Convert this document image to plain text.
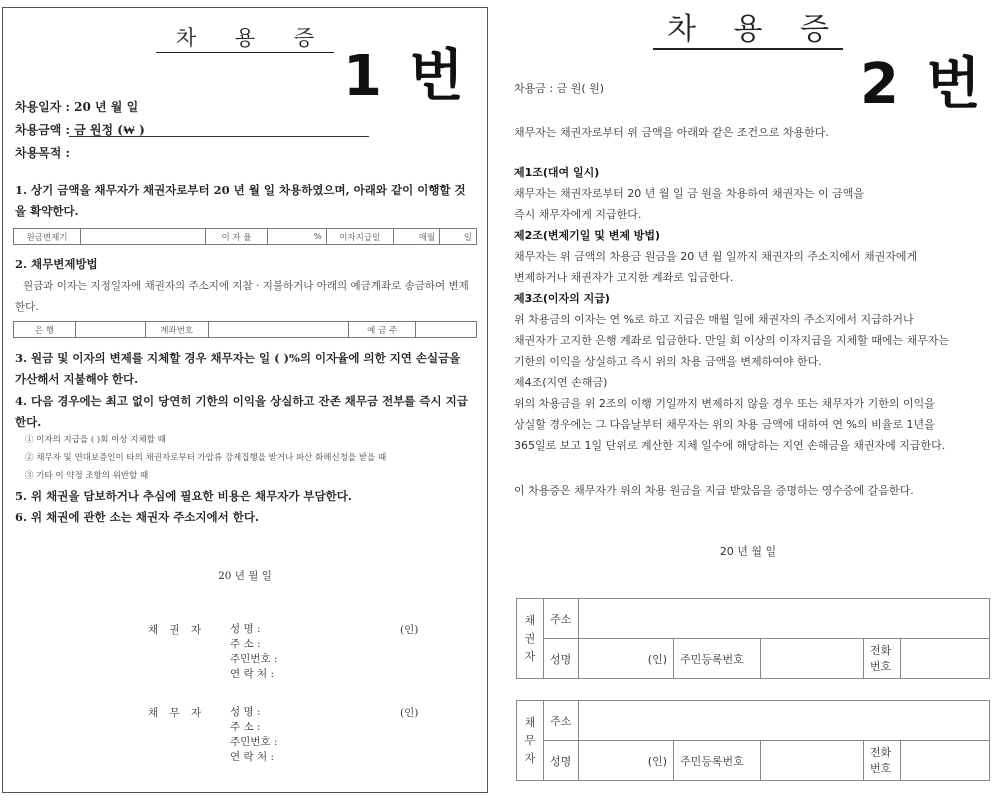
차 용 증
1 번
차용일자 : 20 년 월 일
차용금액 : 금 원정 (₩ )
차용목적 :
1. 상기 금액을 채무자가 채권자로부터 20 년 월 일 차용하였으며, 아래와 같이 이행할 것을 확약한다.
원금변제기		이 자 율	%	이자지급일	매월	일
2. 채무변제방법
원금과 이자는 지정일자에 채권자의 주소지에 지참 · 지불하거나 아래의 예금계좌로 송금하여 변제한다.
은 행		계좌번호		예 금 주	
3. 원금 및 이자의 변제를 지체할 경우 채무자는 일 ( )%의 이자율에 의한 지연 손실금을 가산해서 지불해야 한다.
4. 다음 경우에는 최고 없이 당연히 기한의 이익을 상실하고 잔존 채무금 전부를 즉시 지급한다.
① 이자의 지급을 ( )회 이상 지체할 때
② 채무자 및 연대보증인이 타의 채권자로부터 가압류 강제집행을 받거나 파산 화해신청을 받을 때
③ 기타 이 약정 조항의 위반할 때
5. 위 채권을 담보하거나 추심에 필요한 비용은 채무자가 부담한다.
6. 위 채권에 관한 소는 채권자 주소지에서 한다.
20 년 월 일
채 권 자 성 명 :
주 소 :
주민번호 :
연 락 처 :
(인)
채 무 자 성 명 :
주 소 :
주민번호 :
연 락 처 :
(인)
차 용 증
2 번
차용금 : 금 원( 원)
채무자는 채권자로부터 위 금액을 아래와 같은 조건으로 차용한다.
제1조(대여 일시)
채무자는 채권자로부터 20 년 월 일 금 원을 차용하여 채권자는 이 금액을
즉시 채무자에게 지급한다.
제2조(변제기일 및 변제 방법)
채무자는 위 금액의 차용금 원금을 20 년 월 일까지 채권자의 주소지에서 채권자에게
변제하거나 채권자가 고지한 계좌로 입금한다.
제3조(이자의 지급)
위 차용금의 이자는 연 %로 하고 지급은 매월 일에 채권자의 주소지에서 지급하거나
채권자가 고지한 은행 계좌로 입금한다. 만일 회 이상의 이자지급을 지체할 때에는 채무자는
기한의 이익을 상실하고 즉시 위의 차용 금액을 변제하여야 한다.
제4조(지연 손해금)
위의 차용금을 위 2조의 이행 기일까지 변제하지 않을 경우 또는 채무자가 기한의 이익을
상실할 경우에는 그 다음날부터 채무자는 위의 차용 금액에 대하여 연 %의 비율로 1년을
365일로 보고 1일 단위로 계산한 지체 일수에 해당하는 지연 손해금을 채권자에 지급한다.
이 차용증은 채무자가 위의 차용 원금을 지급 받았음을 증명하는 영수증에 갈음한다.
20 년 월 일
채
권
자	주소					
	성명	(인)	주민등록번호		전화
번호	
채
무
자	주소					
	성명	(인)	주민등록번호		전화
번호	
